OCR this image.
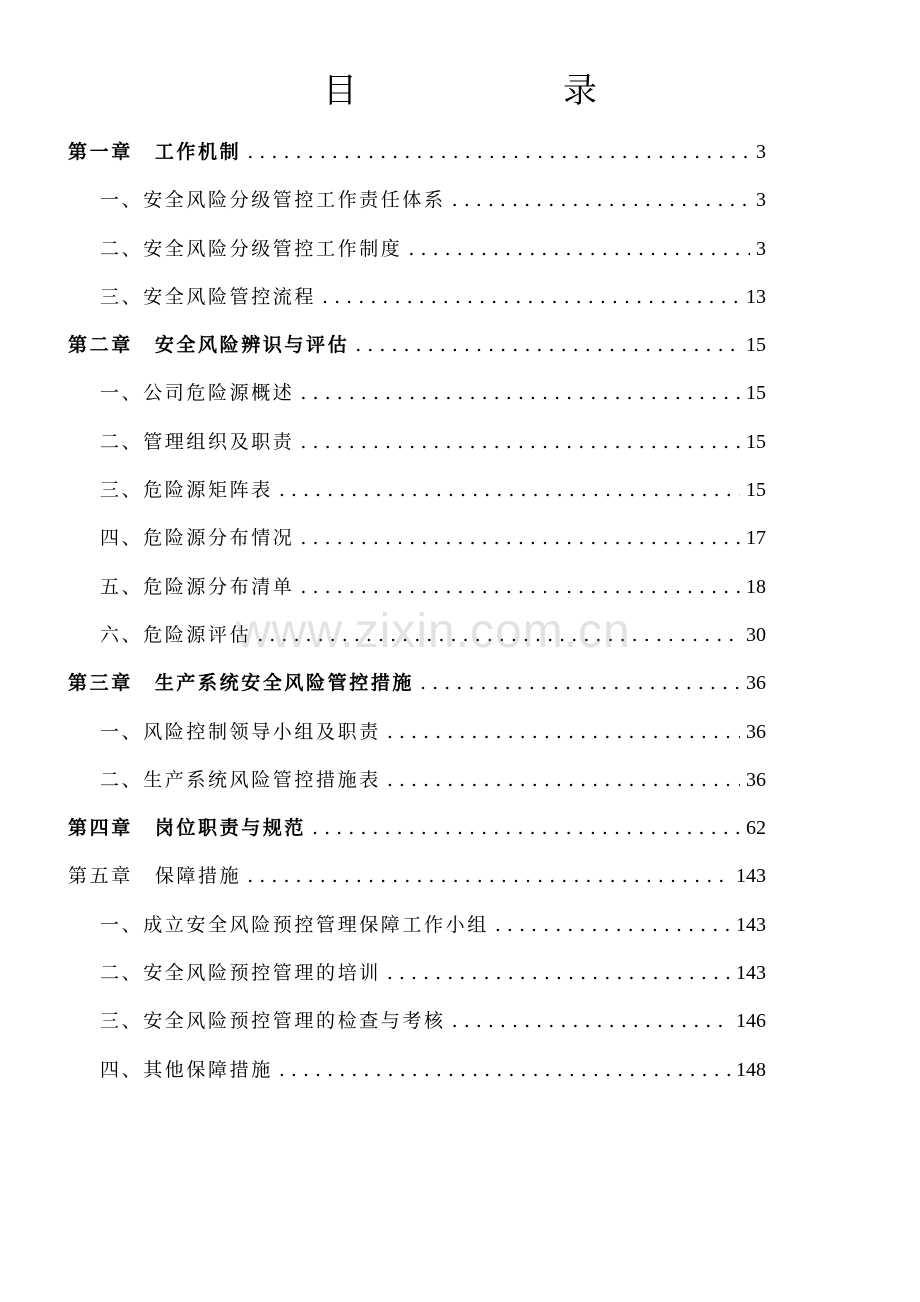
目　录
第一章 工作机制 . . .	3
一、安全风险分级管控工作责任体系 . . .	3
二、安全风险分级管控工作制度 . . .	3
三、安全风险管控流程 . . .	13
第二章 安全风险辨识与评估 . . .	15
一、公司危险源概述 . . .	15
二、管理组织及职责 . . .	15
三、危险源矩阵表 . . .	15
四、危险源分布情况 . . .	17
五、危险源分布清单 . . .	18
六、危险源评估 . . .	30
第三章 生产系统安全风险管控措施 . . .	36
一、风险控制领导小组及职责 . . .	36
二、生产系统风险管控措施表 . . .	36
第四章 岗位职责与规范 . . .	62
第五章 保障措施 . . .	143
一、成立安全风险预控管理保障工作小组 . . .	143
二、安全风险预控管理的培训 . . .	143
三、安全风险预控管理的检查与考核 . . .	146
四、其他保障措施 . . .	148
www.zixin.com.cn
